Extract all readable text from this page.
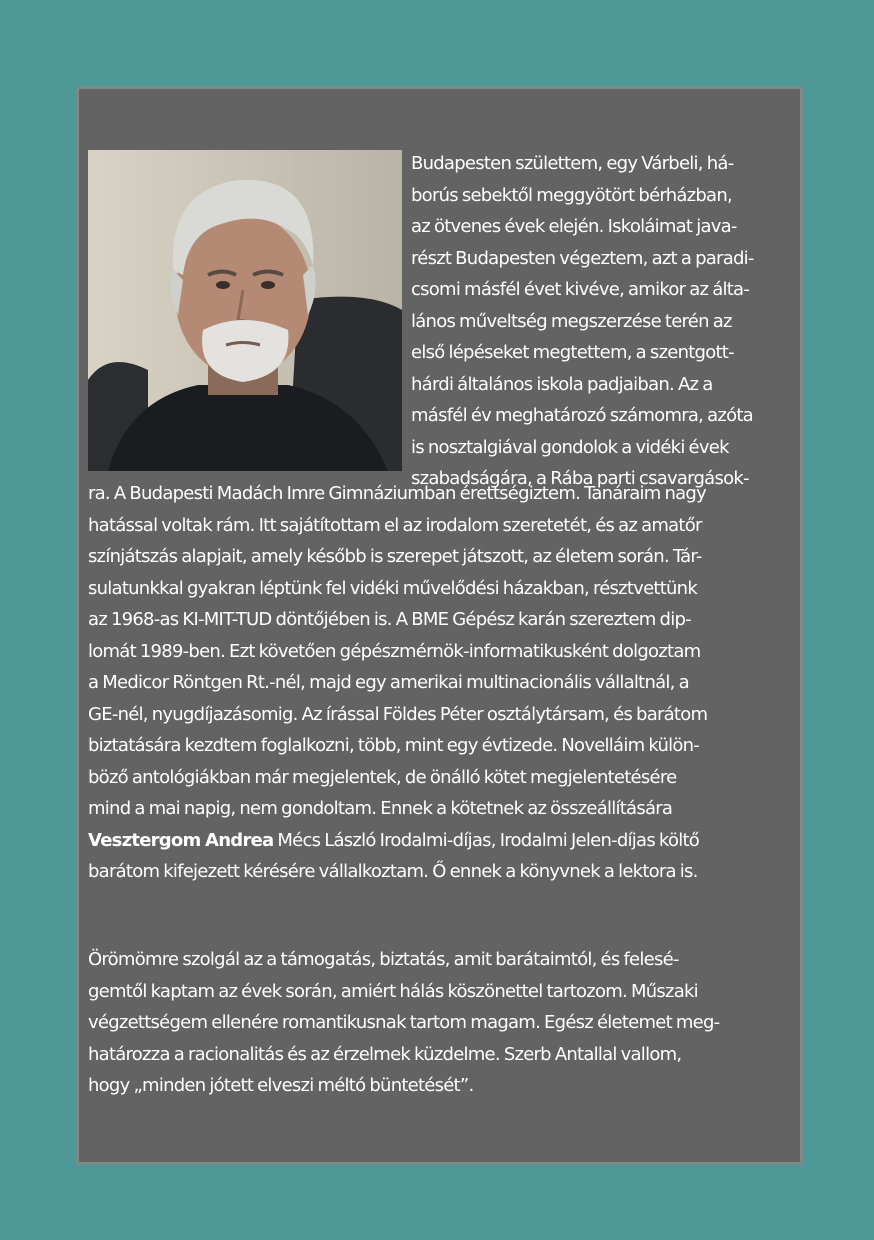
Budapesten születtem, egy Várbeli, há-
borús sebektől meggyötört bérházban,
az ötvenes évek elején. Iskoláimat java-
részt Budapesten végeztem, azt a paradi-
csomi másfél évet kivéve, amikor az álta-
lános műveltség megszerzése terén az
első lépéseket megtettem, a szentgott-
hárdi általános iskola padjaiban. Az a
másfél év meghatározó számomra, azóta
is nosztalgiával gondolok a vidéki évek
szabadságára, a Rába parti csavargások-
ra. A Budapesti Madách Imre Gimnáziumban érettségiztem. Tanáraim nagy
hatással voltak rám. Itt sajátítottam el az irodalom szeretetét, és az amatőr
színjátszás alapjait, amely később is szerepet játszott, az életem során. Tár-
sulatunkkal gyakran léptünk fel vidéki művelődési házakban, résztvettünk
az 1968-as KI-MIT-TUD döntőjében is. A BME Gépész karán szereztem dip-
lomát 1989-ben. Ezt követően gépészmérnök-informatikusként dolgoztam
a Medicor Röntgen Rt.-nél, majd egy amerikai multinacionális vállaltnál, a
GE-nél, nyugdíjazásomig. Az írással Földes Péter osztálytársam, és barátom
biztatására kezdtem foglalkozni, több, mint egy évtizede. Novelláim külön-
böző antológiákban már megjelentek, de önálló kötet megjelentetésére
mind a mai napig, nem gondoltam. Ennek a kötetnek az összeállítására
Vesztergom Andrea Mécs László Irodalmi-díjas, Irodalmi Jelen-díjas költő
barátom kifejezett kérésére vállalkoztam. Ő ennek a könyvnek a lektora is.
Örömömre szolgál az a támogatás, biztatás, amit barátaimtól, és felesé-
gemtől kaptam az évek során, amiért hálás köszönettel tartozom. Műszaki
végzettségem ellenére romantikusnak tartom magam. Egész életemet meg-
határozza a racionalitás és az érzelmek küzdelme. Szerb Antallal vallom,
hogy „minden jótett elveszi méltó büntetését”.
